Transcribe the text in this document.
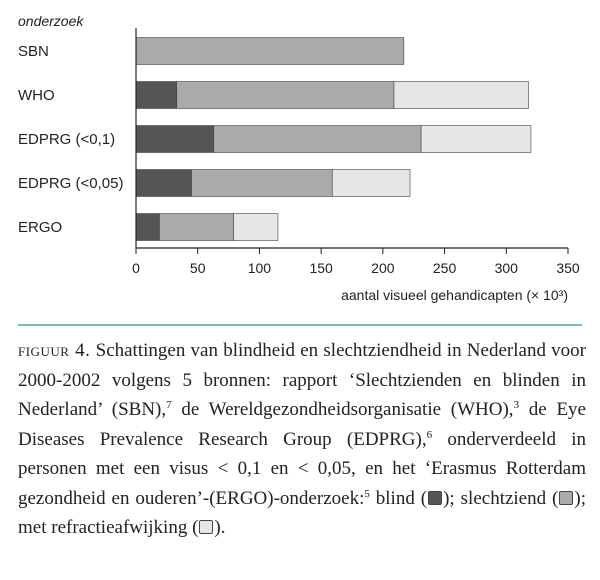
onderzoek
SBN
WHO
EDPRG (<0,1)
EDPRG (<0,05)
ERGO
0	50	100	150	200	250	300	350
aantal visueel gehandicapten (× 10³)

figuur 4. Schattingen van blindheid en slechtziendheid in Nederland voor 2000-2002 volgens 5 bronnen: rapport ‘Slechtzienden en blinden in Nederland’ (SBN),$^7$ de Wereldgezondheidsorganisatie (WHO),$^3$ de Eye Diseases Prevalence Research Group (EDPRG),$^6$ onderverdeeld in personen met een visus < 0,1 en < 0,05, en het ‘Erasmus Rotterdam gezondheid en ouderen’-(ERGO)-onderzoek:$^5$ blind ( ); slechtziend ( ); met refractieafwijking ( ).
